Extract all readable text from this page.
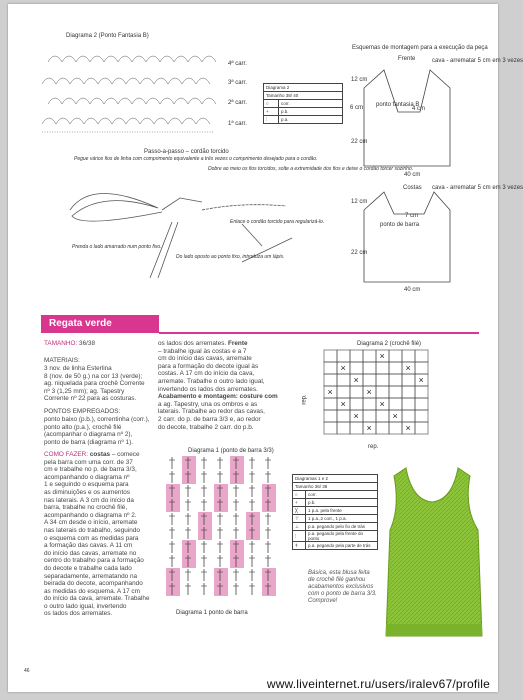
Diagrama 2 (Ponto Fantasia B)
4ª carr.
3ª carr.
2ª carr.
1ª carr.
Diagrama 2	
Tamanho 38/ 40	
○	corr.
+	p.b.
⫶	p.a.
Esquemas de montagem para a execução da peça
Frente	cava - arrematar 5 cm em 3 vezes
ponto fantasia B
4 cm
6 cm
12 cm
22 cm
40 cm
Costas cava - arrematar 5 cm em 3 vezes
ponto de barra
7 cm
12 cm
22 cm
40 cm
Passo-a-passo – cordão torcido
Pegue vários fios de linha com comprimento equivalente a três vezes o comprimento desejado para o cordão.
Dobre ao meio os fios torcidos, solte a extremidade dos fios e deixe o cordão torcer sozinho.
Prenda o lado amarrado num ponto fixo.
Do lado oposto ao ponto fixo, introduza um lápis.
Enlace o cordão torcido para regularizá-lo.
Regata verde
TAMANHO: 36/38
MATERIAIS:
3 nov. de linha Esterlina
8 (nov. de 50 g.) na cor 13 (verde);
ag. niquelada para crochê Corrente
nº 3 (1,25 mm); ag. Tapestry
Corrente nº 22 para as costuras.
PONTOS EMPREGADOS:
ponto baixo (p.b.), correntinha (corr.),
ponto alto (p.a.), crochê filé
(acompanhar o diagrama nº 2),
ponto de barra (diagrama nº 1).
COMO FAZER: costas – comece
pela barra com uma corr. de 37
cm e trabalhe no p. de barra 3/3,
acompanhando o diagrama nº
1 e seguindo o esquema para
as diminuições e os aumentos
nas laterais. A 3 cm do início da
barra, trabalhe no crochê filé,
acompanhando o diagrama nº 2.
A 34 cm desde o início, arremate
nas laterais do trabalho, seguindo
o esquema com as medidas para
a formação das cavas. A 11 cm
do início das cavas, arremate no
centro do trabalho para a formação
do decote e trabalhe cada lado
separadamente, arrematando na
beirada do decote, acompanhando
as medidas do esquema. A 17 cm
do início da cava, arremate. Trabalhe
o outro lado igual, invertendo
os lados dos arremates.
os lados dos arremates. Frente
– trabalhe igual às costas e a 7
cm do início das cavas, arremate
para a formação do decote igual às
costas. A 17 cm do início da cava,
arremate. Trabalhe o outro lado igual,
invertendo os lados dos arremates.
Acabamento e montagem: costure com
a ag. Tapestry, una os ombros e as
laterais. Trabalhe ao redor das cavas,
2 carr. do p. de barra 3/3 e, ao redor
do decote, trabalhe 2 carr. do p.b.
Diagrama 2 (crochê filé)
×
×	×
×	×
×	×
×	×
×	×
×	×
rep.
rep.
Diagrama 1 (ponto de barra 3/3)
Diagrama 1 ponto de barra
Diagramas 1 e 2	
Tamanho 36/ 38	
○	corr.
+	p.b.
╳	1 p.a. pela frente
⊤	1 p.a.,2 corr., 1 p.a.
⊥	p.a. pegando pelo fio de trás
⫶	p.a. pegando pela frente do ponto
ǂ	p.a. pegando pela parte de trás
Básica, esta blusa feita
de crochê filé ganhou
acabamentos exclusivos
com o ponto de barra 3/3.
Comprove!
46
www.liveinternet.ru/users/iralev67/profile
